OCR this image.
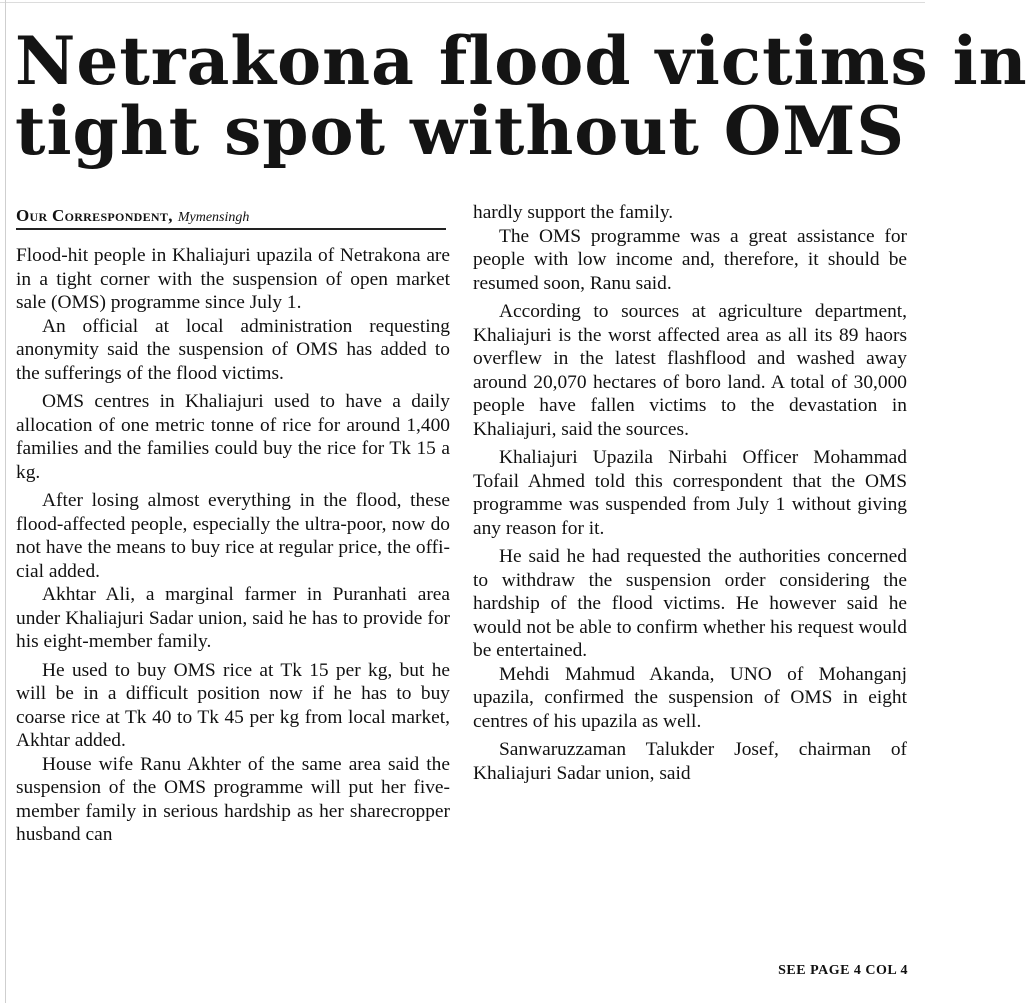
Netrakona flood victims in
tight spot without OMS
Our Correspondent, Mymensingh

Flood-hit people in Khaliajuri upazila of Netrakona are in a tight corner with the suspension of open market sale (OMS) programme since July 1.

An official at local administration requesting anonymity said the suspension of OMS has added to the sufferings of the flood victims.

OMS centres in Khaliajuri used to have a daily allocation of one metric tonne of rice for around 1,400 families and the families could buy the rice for Tk 15 a kg.

After losing almost everything in the flood, these flood-affected people, especially the ultra-poor, now do not have the means to buy rice at regular price, the official added.

Akhtar Ali, a marginal farmer in Puranhati area under Khaliajuri Sadar union, said he has to provide for his eight-member family.

He used to buy OMS rice at Tk 15 per kg, but he will be in a difficult position now if he has to buy coarse rice at Tk 40 to Tk 45 per kg from local market, Akhtar added.

House wife Ranu Akhter of the same area said the suspension of the OMS programme will put her five-member family in serious hardship as her sharecropper husband can

hardly support the family.

The OMS programme was a great assistance for people with low income and, therefore, it should be resumed soon, Ranu said.

According to sources at agriculture department, Khaliajuri is the worst affected area as all its 89 haors overflew in the latest flashflood and washed away around 20,070 hectares of boro land. A total of 30,000 people have fallen victims to the devastation in Khaliajuri, said the sources.

Khaliajuri Upazila Nirbahi Officer Mohammad Tofail Ahmed told this correspondent that the OMS programme was suspended from July 1 without giving any reason for it.

He said he had requested the authorities concerned to withdraw the suspension order considering the hardship of the flood victims. He however said he would not be able to confirm whether his request would be entertained.

Mehdi Mahmud Akanda, UNO of Mohanganj upazila, confirmed the suspension of OMS in eight centres of his upazila as well.

Sanwaruzzaman Talukder Josef, chairman of Khaliajuri Sadar union, said

SEE PAGE 4 COL 4
